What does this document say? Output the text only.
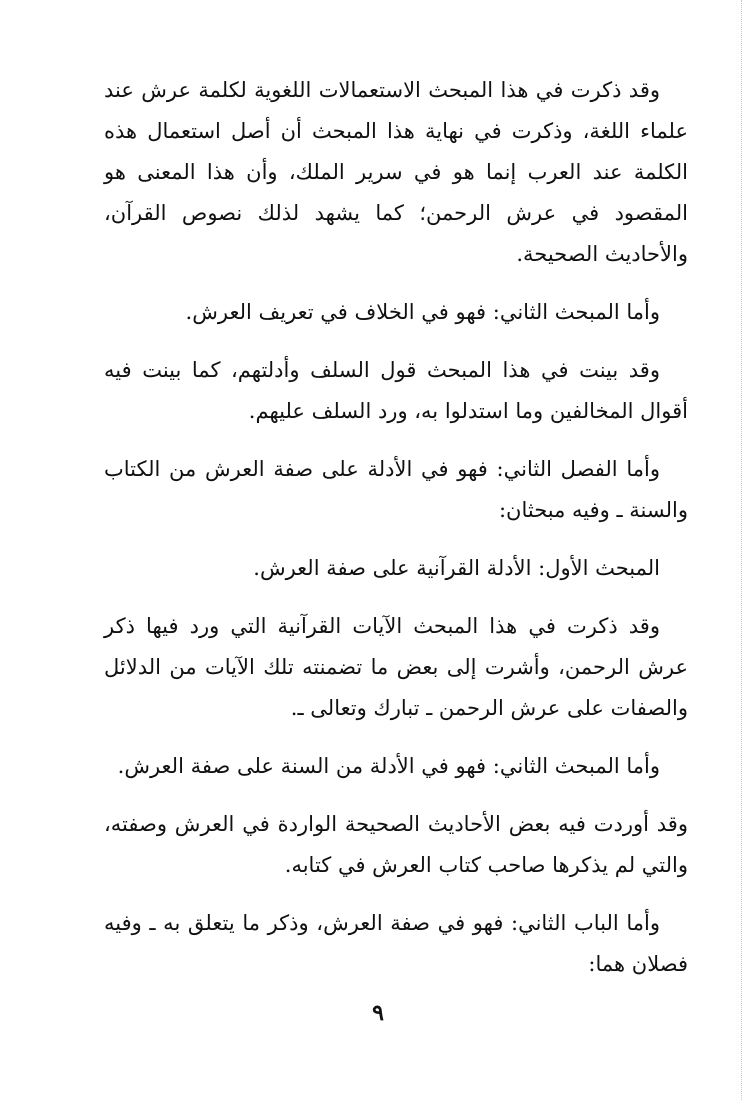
وقد ذكرت في هذا المبحث الاستعمالات اللغوية لكلمة عرش عند
علماء اللغة، وذكرت في نهاية هذا المبحث أن أصل استعمال هذه
الكلمة عند العرب إنما هو في سرير الملك، وأن هذا المعنى هو
المقصود في عرش الرحمن؛ كما يشهد لذلك نصوص القرآن،
والأحاديث الصحيحة.

وأما المبحث الثاني: فهو في الخلاف في تعريف العرش.

وقد بينت في هذا المبحث قول السلف وأدلتهم، كما بينت فيه
أقوال المخالفين وما استدلوا به، ورد السلف عليهم.

وأما الفصل الثاني: فهو في الأدلة على صفة العرش من الكتاب
والسنة ـ وفيه مبحثان:

المبحث الأول: الأدلة القرآنية على صفة العرش.

وقد ذكرت في هذا المبحث الآيات القرآنية التي ورد فيها ذكر
عرش الرحمن، وأشرت إلى بعض ما تضمنته تلك الآيات من الدلائل
والصفات على عرش الرحمن ـ تبارك وتعالى ـ.

وأما المبحث الثاني: فهو في الأدلة من السنة على صفة العرش.

وقد أوردت فيه بعض الأحاديث الصحيحة الواردة في العرش وصفته،
والتي لم يذكرها صاحب كتاب العرش في كتابه.

وأما الباب الثاني: فهو في صفة العرش، وذكر ما يتعلق به ـ وفيه
فصلان هما:

٩
